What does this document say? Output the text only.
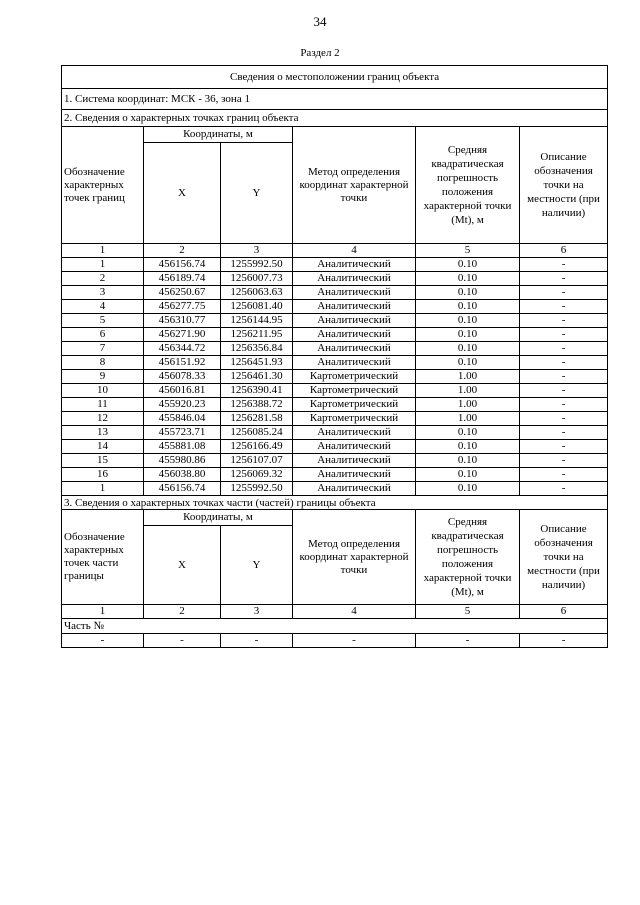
34
Раздел 2
Сведения о местоположении границ объекта					
1. Система координат: МСК - 36, зона 1					
2. Сведения о характерных точках границ объекта					
Обозначение характерных точек границ	Координаты, м		Метод определения координат характерной точки	Средняя квадратическая погрешность положения характерной точки (Mt), м	Описание обозначения точки на местности (при наличии)
	X	Y			
1	2	3	4	5	6
1	456156.74	1255992.50	Аналитический	0.10	-
2	456189.74	1256007.73	Аналитический	0.10	-
3	456250.67	1256063.63	Аналитический	0.10	-
4	456277.75	1256081.40	Аналитический	0.10	-
5	456310.77	1256144.95	Аналитический	0.10	-
6	456271.90	1256211.95	Аналитический	0.10	-
7	456344.72	1256356.84	Аналитический	0.10	-
8	456151.92	1256451.93	Аналитический	0.10	-
9	456078.33	1256461.30	Картометрический	1.00	-
10	456016.81	1256390.41	Картометрический	1.00	-
11	455920.23	1256388.72	Картометрический	1.00	-
12	455846.04	1256281.58	Картометрический	1.00	-
13	455723.71	1256085.24	Аналитический	0.10	-
14	455881.08	1256166.49	Аналитический	0.10	-
15	455980.86	1256107.07	Аналитический	0.10	-
16	456038.80	1256069.32	Аналитический	0.10	-
1	456156.74	1255992.50	Аналитический	0.10	-
3. Сведения о характерных точках части (частей) границы объекта					
Обозначение характерных точек части границы	Координаты, м		Метод определения координат характерной точки	Средняя квадратическая погрешность положения характерной точки (Mt), м	Описание обозначения точки на местности (при наличии)
	X	Y			
1	2	3	4	5	6
Часть №					
-	-	-	-	-	-
